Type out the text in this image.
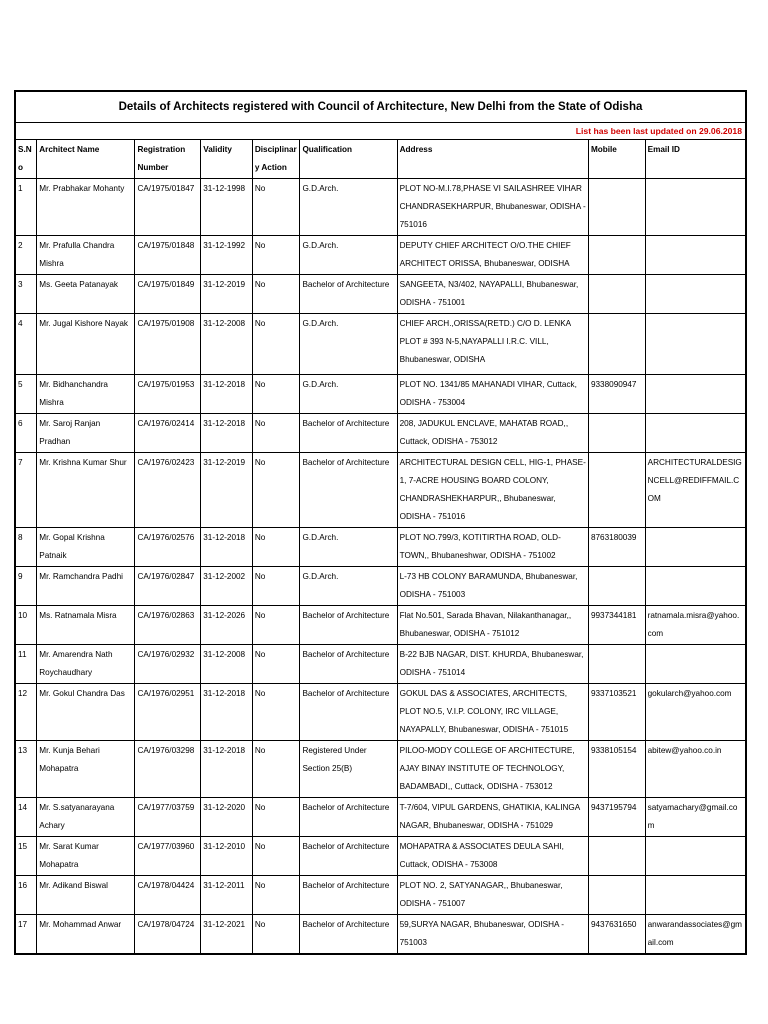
Details of Architects registered with Council of Architecture, New Delhi from the State of Odisha								
List has been last updated on 29.06.2018								
S.No	Architect Name	Registration Number	Validity	Disciplinary Action	Qualification	Address	Mobile	Email ID
1	Mr. Prabhakar Mohanty	CA/1975/01847	31-12-1998	No	G.D.Arch.	PLOT NO-M.I.78,PHASE VI SAILASHREE VIHAR CHANDRASEKHARPUR, Bhubaneswar, ODISHA - 751016		
2	Mr. Prafulla Chandra Mishra	CA/1975/01848	31-12-1992	No	G.D.Arch.	DEPUTY CHIEF ARCHITECT O/O.THE CHIEF ARCHITECT ORISSA, Bhubaneswar, ODISHA		
3	Ms. Geeta Patanayak	CA/1975/01849	31-12-2019	No	Bachelor of Architecture	SANGEETA, N3/402, NAYAPALLI, Bhubaneswar, ODISHA - 751001		
4	Mr. Jugal Kishore Nayak	CA/1975/01908	31-12-2008	No	G.D.Arch.	CHIEF ARCH.,ORISSA(RETD.) C/O D. LENKA PLOT # 393 N-5,NAYAPALLI I.R.C. VILL, Bhubaneswar, ODISHA		
5	Mr. Bidhanchandra Mishra	CA/1975/01953	31-12-2018	No	G.D.Arch.	PLOT NO. 1341/85 MAHANADI VIHAR, Cuttack, ODISHA - 753004	9338090947	
6	Mr. Saroj Ranjan Pradhan	CA/1976/02414	31-12-2018	No	Bachelor of Architecture	208, JADUKUL ENCLAVE, MAHATAB ROAD,, Cuttack, ODISHA - 753012		
7	Mr. Krishna Kumar Shur	CA/1976/02423	31-12-2019	No	Bachelor of Architecture	ARCHITECTURAL DESIGN CELL, HIG-1, PHASE-1, 7-ACRE HOUSING BOARD COLONY, CHANDRASHEKHARPUR,, Bhubaneswar, ODISHA - 751016		ARCHITECTURALDESIGNCELL@REDIFFMAIL.COM
8	Mr. Gopal Krishna Patnaik	CA/1976/02576	31-12-2018	No	G.D.Arch.	PLOT NO.799/3, KOTITIRTHA ROAD, OLD-TOWN,, Bhubaneshwar, ODISHA - 751002	8763180039	
9	Mr. Ramchandra Padhi	CA/1976/02847	31-12-2002	No	G.D.Arch.	L-73 HB COLONY BARAMUNDA, Bhubaneswar, ODISHA - 751003		
10	Ms. Ratnamala Misra	CA/1976/02863	31-12-2026	No	Bachelor of Architecture	Flat No.501, Sarada Bhavan, Nilakanthanagar,, Bhubaneswar, ODISHA - 751012	9937344181	ratnamala.misra@yahoo.com
11	Mr. Amarendra Nath Roychaudhary	CA/1976/02932	31-12-2008	No	Bachelor of Architecture	B-22 BJB NAGAR, DIST. KHURDA, Bhubaneswar, ODISHA - 751014		
12	Mr. Gokul Chandra Das	CA/1976/02951	31-12-2018	No	Bachelor of Architecture	GOKUL DAS & ASSOCIATES, ARCHITECTS, PLOT NO.5, V.I.P. COLONY, IRC VILLAGE, NAYAPALLY, Bhubaneswar, ODISHA - 751015	9337103521	gokularch@yahoo.com
13	Mr. Kunja Behari Mohapatra	CA/1976/03298	31-12-2018	No	Registered Under Section 25(B)	PILOO-MODY COLLEGE OF ARCHITECTURE, AJAY BINAY INSTITUTE OF TECHNOLOGY, BADAMBADI,, Cuttack, ODISHA - 753012	9338105154	abitew@yahoo.co.in
14	Mr. S.satyanarayana Achary	CA/1977/03759	31-12-2020	No	Bachelor of Architecture	T-7/604, VIPUL GARDENS, GHATIKIA, KALINGA NAGAR, Bhubaneswar, ODISHA - 751029	9437195794	satyamachary@gmail.com
15	Mr. Sarat Kumar Mohapatra	CA/1977/03960	31-12-2010	No	Bachelor of Architecture	MOHAPATRA & ASSOCIATES DEULA SAHI, Cuttack, ODISHA - 753008		
16	Mr. Adikand Biswal	CA/1978/04424	31-12-2011	No	Bachelor of Architecture	PLOT NO. 2, SATYANAGAR,, Bhubaneswar, ODISHA - 751007		
17	Mr. Mohammad Anwar	CA/1978/04724	31-12-2021	No	Bachelor of Architecture	59,SURYA NAGAR, Bhubaneswar, ODISHA - 751003	9437631650	anwarandassociates@gmail.com
